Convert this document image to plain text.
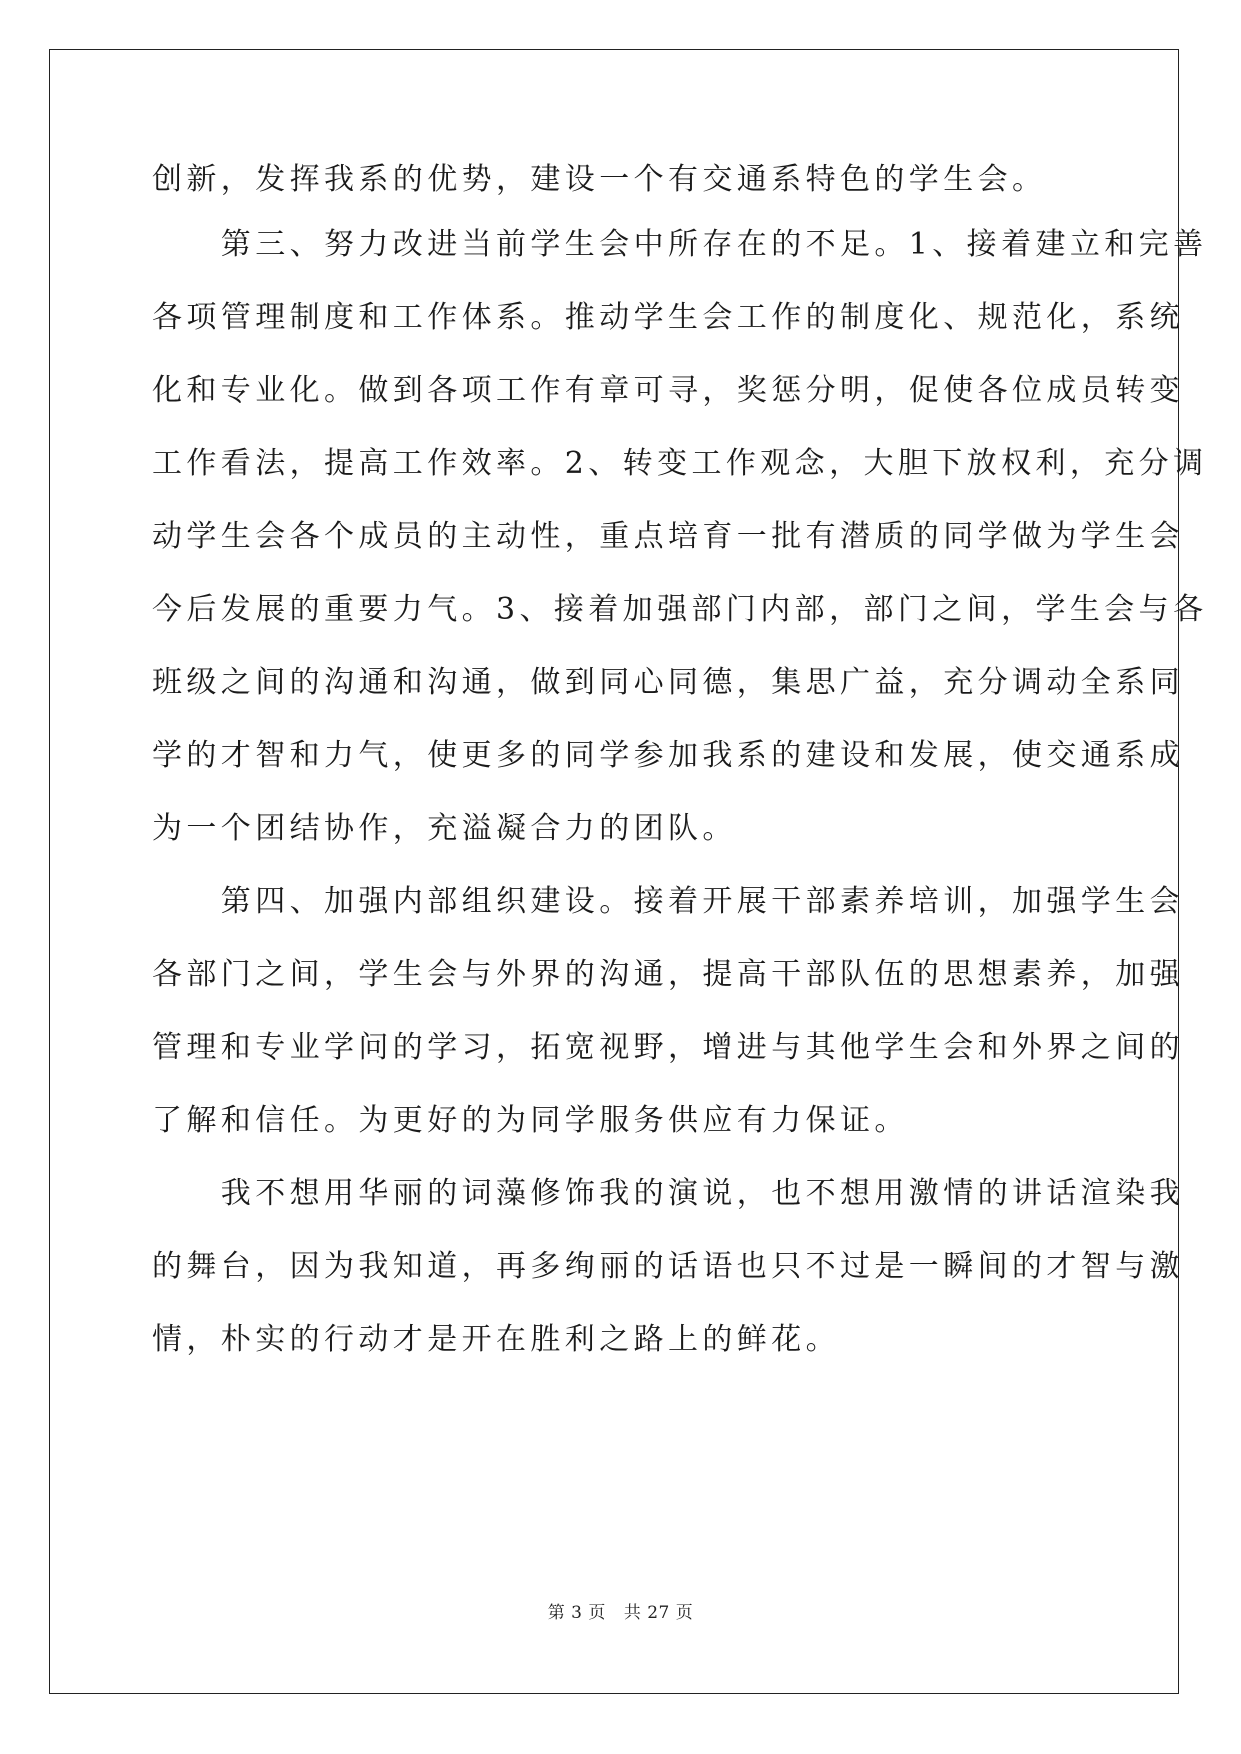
创新，发挥我系的优势，建设一个有交通系特色的学生会。
　　第三、努力改进当前学生会中所存在的不足。1、接着建立和完善
各项管理制度和工作体系。推动学生会工作的制度化、规范化，系统
化和专业化。做到各项工作有章可寻，奖惩分明，促使各位成员转变
工作看法，提高工作效率。2、转变工作观念，大胆下放权利，充分调
动学生会各个成员的主动性，重点培育一批有潜质的同学做为学生会
今后发展的重要力气。3、接着加强部门内部，部门之间，学生会与各
班级之间的沟通和沟通，做到同心同德，集思广益，充分调动全系同
学的才智和力气，使更多的同学参加我系的建设和发展，使交通系成
为一个团结协作，充溢凝合力的团队。
　　第四、加强内部组织建设。接着开展干部素养培训，加强学生会
各部门之间，学生会与外界的沟通，提高干部队伍的思想素养，加强
管理和专业学问的学习，拓宽视野，增进与其他学生会和外界之间的
了解和信任。为更好的为同学服务供应有力保证。
　　我不想用华丽的词藻修饰我的演说，也不想用激情的讲话渲染我
的舞台，因为我知道，再多绚丽的话语也只不过是一瞬间的才智与激
情，朴实的行动才是开在胜利之路上的鲜花。
第 3 页 共 27 页
